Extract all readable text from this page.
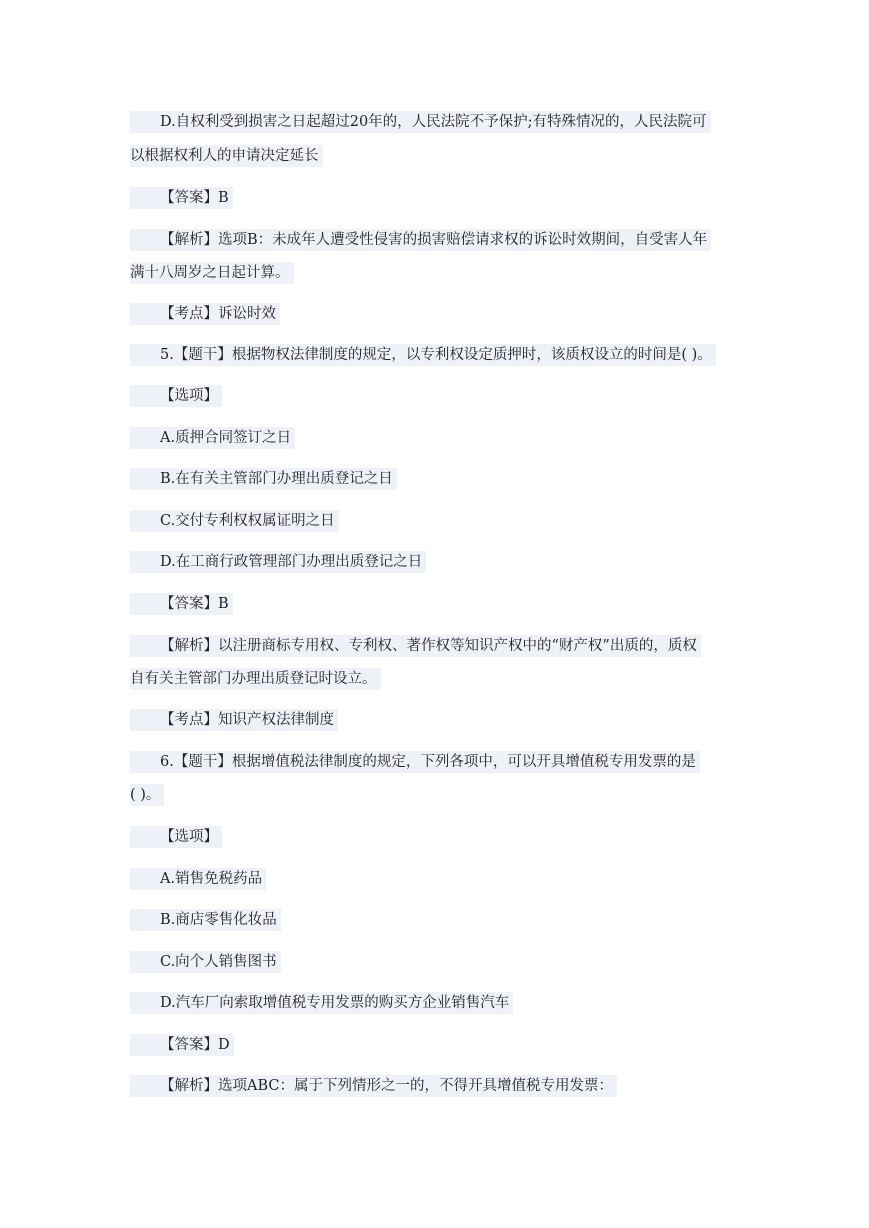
D.自权利受到损害之日起超过20年的，人民法院不予保护;有特殊情况的，人民法院可
以根据权利人的申请决定延长
【答案】B
【解析】选项B：未成年人遭受性侵害的损害赔偿请求权的诉讼时效期间，自受害人年
满十八周岁之日起计算。
【考点】诉讼时效
5.【题干】根据物权法律制度的规定，以专利权设定质押时，该质权设立的时间是( )。
【选项】
A.质押合同签订之日
B.在有关主管部门办理出质登记之日
C.交付专利权权属证明之日
D.在工商行政管理部门办理出质登记之日
【答案】B
【解析】以注册商标专用权、专利权、著作权等知识产权中的“财产权”出质的，质权
自有关主管部门办理出质登记时设立。
【考点】知识产权法律制度
6.【题干】根据增值税法律制度的规定，下列各项中，可以开具增值税专用发票的是
( )。
【选项】
A.销售免税药品
B.商店零售化妆品
C.向个人销售图书
D.汽车厂向索取增值税专用发票的购买方企业销售汽车
【答案】D
【解析】选项ABC：属于下列情形之一的，不得开具增值税专用发票：
